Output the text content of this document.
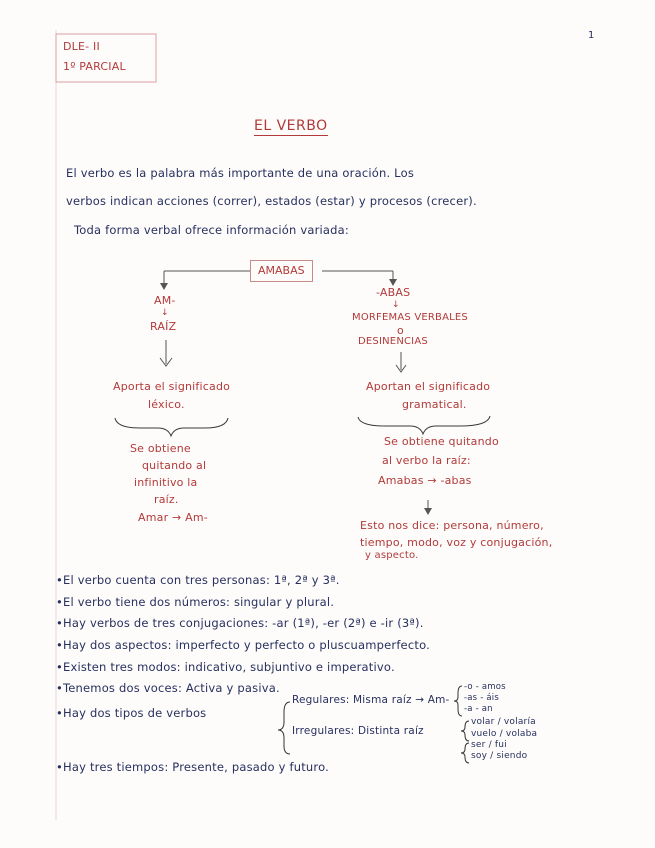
DLE- II
1º PARCIAL
1
EL VERBO
El verbo es la palabra más importante de una oración. Los
verbos indican acciones (correr), estados (estar) y procesos (crecer).
Toda forma verbal ofrece información variada:
AMABAS
AM-
↓
RAÍZ
Aporta el significado
léxico.
Se obtiene
quitando al
infinitivo la
raíz.
Amar → Am-
-ABAS
↓
MORFEMAS VERBALES
o
DESINENCIAS
Aportan el significado
gramatical.
Se obtiene quitando
al verbo la raíz:
Amabas → -abas
Esto nos dice: persona, número,
tiempo, modo, voz y conjugación,
y aspecto.
•El verbo cuenta con tres personas: 1ª, 2ª y 3ª.
•El verbo tiene dos números: singular y plural.
•Hay verbos de tres conjugaciones: -ar (1ª), -er (2ª) e -ir (3ª).
•Hay dos aspectos: imperfecto y perfecto o pluscuamperfecto.
•Existen tres modos: indicativo, subjuntivo e imperativo.
•Tenemos dos voces: Activa y pasiva.
•Hay dos tipos de verbos
Regulares: Misma raíz → Am-
-o - amos
-as - áis
-a - an
Irregulares: Distinta raíz
volar / volaría
vuelo / volaba
ser / fui
soy / siendo
•Hay tres tiempos: Presente, pasado y futuro.
